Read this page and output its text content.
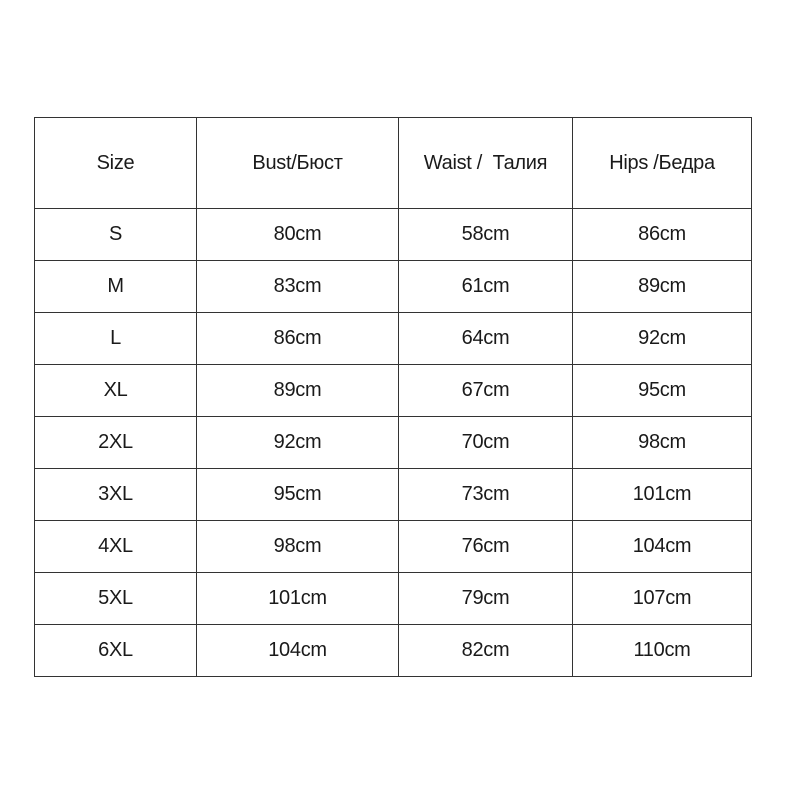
Size	Bust/Бюст	Waist /  Талия	Hips /Бедра
S	80cm	58cm	86cm
M	83cm	61cm	89cm
L	86cm	64cm	92cm
XL	89cm	67cm	95cm
2XL	92cm	70cm	98cm
3XL	95cm	73cm	101cm
4XL	98cm	76cm	104cm
5XL	101cm	79cm	107cm
6XL	104cm	82cm	110cm
